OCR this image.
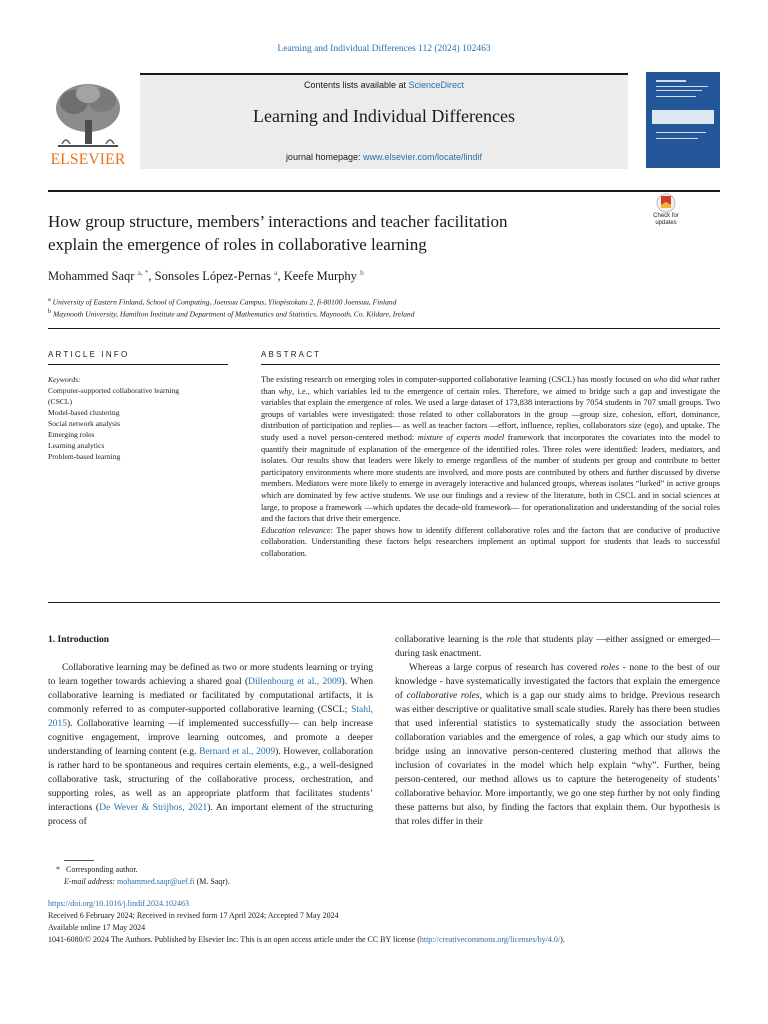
Learning and Individual Differences 112 (2024) 102463
Contents lists available at ScienceDirect
Learning and Individual Differences
journal homepage: www.elsevier.com/locate/lindif
ELSEVIER
Check for
updates
How group structure, members’ interactions and teacher facilitation
explain the emergence of roles in collaborative learning
Mohammed Saqr $^{a, *}$, Sonsoles López-Pernas $^a$, Keefe Murphy $^b$
$^a$ University of Eastern Finland, School of Computing, Joensuu Campus, Yliopistokatu 2, fi-80100 Joensuu, Finland
$^b$ Maynooth University, Hamilton Institute and Department of Mathematics and Statistics, Maynooth, Co. Kildare, Ireland
ARTICLE INFO	ABSTRACT
Keywords:
Computer-supported collaborative learning
(CSCL)
Model-based clustering
Social network analysis
Emerging roles
Learning analytics
Problem-based learning

The existing research on emerging roles in computer-supported collaborative learning (CSCL) has mostly focused on who did what rather than why, i.e., which variables led to the emergence of certain roles. Therefore, we aimed to bridge such a gap and investigate the variables that explain the emergence of roles. We used a large dataset of 173,838 interactions by 7054 students in 707 small groups. Two groups of variables were investigated: those related to other collaborators in the group —group size, cohesion, effort, dominance, distribution of participation and replies— as well as teacher factors —effort, influence, replies, collaborators size (ego), and uptake. The study used a novel person-centered method: mixture of experts model framework that incorporates the covariates into the model to quantify their magnitude of explanation of the emergence of the identified roles. Three roles were identified: leaders, mediators, and isolates. Our results show that leaders were likely to emerge regardless of the number of students per group and contribute to better participatory environments where more students are involved, and more posts are contributed by others and further discussed by diverse members. Mediators were more likely to emerge in averagely interactive and balanced groups, whereas isolates “lurked” in active groups which are dominated by few active students. We use our findings and a review of the literature, both in CSCL and in social sciences at large, to propose a framework —which updates the decade-old framework— for operationalization and understanding of the social roles and the factors that drive their emergence.

Education relevance: The paper shows how to identify different collaborative roles and the factors that are conducive of productive collaboration. Understanding these factors helps researchers implement an optimal support for students that leads to successful collaboration.

1. Introduction

Collaborative learning may be defined as two or more students learning or trying to learn together towards achieving a shared goal (Dillenbourg et al., 2009). When collaborative learning is mediated or facilitated by computational artifacts, it is commonly referred to as computer-supported collaborative learning (CSCL; Stahl, 2015). Collaborative learning —if implemented successfully— can help increase cognitive engagement, improve learning outcomes, and promote a deeper understanding of learning content (e.g. Bernard et al., 2009). However, collaboration is rather hard to be spontaneous and requires certain elements, e.g., a well-designed collaborative task, structuring of the collaborative process, orchestration, and supporting roles, as well as an appropriate platform that facilitates students’ interactions (De Wever & Strijbos, 2021). An important element of the structuring process of

collaborative learning is the role that students play —either assigned or emerged— during task enactment.

Whereas a large corpus of research has covered roles - none to the best of our knowledge - have systematically investigated the factors that explain the emergence of collaborative roles, which is a gap our study aims to bridge. Previous research was either descriptive or qualitative small scale studies. Rarely has there been studies that used inferential statistics to systematically study the association between collaboration variables and the emergence of roles, a gap which our study aims to bridge using an innovative person-centered clustering method that allows the inclusion of covariates in the model which help explain “why”. Further, being person-centered, our method allows us to capture the heterogeneity of students’ collaborative behavior. More importantly, we go one step further by not only finding these patterns but also, by finding the factors that explain them. Our hypothesis is that roles differ in their

* Corresponding author.
E-mail address: mohammed.saqr@uef.fi (M. Saqr).
https://doi.org/10.1016/j.lindif.2024.102463
Received 6 February 2024; Received in revised form 17 April 2024; Accepted 7 May 2024
Available online 17 May 2024
1041-6080/© 2024 The Authors. Published by Elsevier Inc. This is an open access article under the CC BY license (http://creativecommons.org/licenses/by/4.0/).
